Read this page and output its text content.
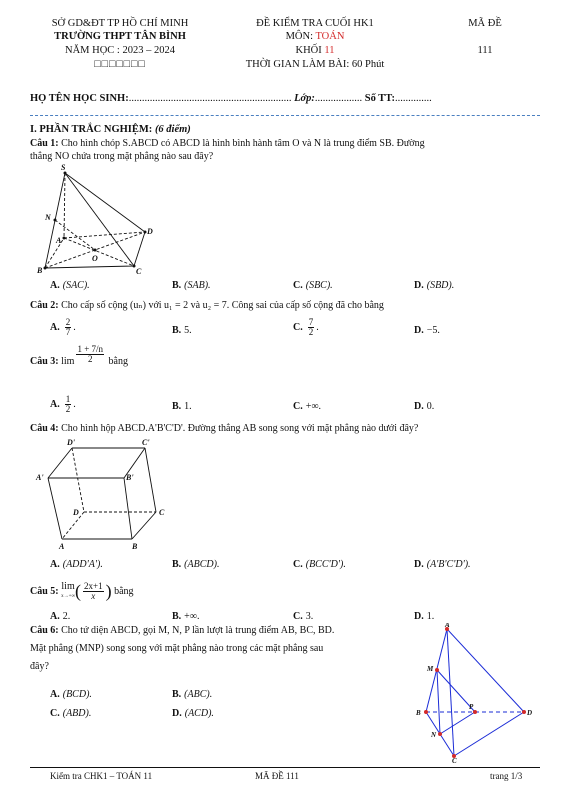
SỞ GD&ĐT TP HỒ CHÍ MINH
TRƯỜNG THPT TÂN BÌNH
NĂM HỌC : 2023 – 2024
□□□□□□□
ĐỀ KIỂM TRA CUỐI HK1
MÔN: TOÁN
KHỐI 11
THỜI GIAN LÀM BÀI: 60 Phút
MÃ ĐỀ
111
HỌ TÊN HỌC SINH:.............................................................. Lớp:.................. Số TT:..............
I. PHẦN TRẮC NGHIỆM: (6 điểm)
Câu 1: Cho hình chóp S.ABCD có ABCD là hình bình hành tâm O và N là trung điểm SB. Đường
thẳng NO chứa trong mặt phẳng nào sau đây?
S
N
A
D
O
B	C
A. (SAC).	B. (SAB).	C. (SBC).	D. (SBD).
Câu 2: Cho cấp số cộng (uₙ) với u₁ = 2 và u₂ = 7. Công sai của cấp số cộng đã cho bằng
A. $\frac{2}{7}$ .	B. 5.	C. $\frac{7}{2}$ .	D. −5.
Câu 3: $\lim \frac{1 + 7/n}{2}$ bằng
A. $\frac{1}{2}$ .	B. 1.	C. +∞.	D. 0.
Câu 4: Cho hình hộp ABCD.A'B'C'D'. Đường thẳng AB song song với mặt phẳng nào dưới đây?
D'	C'
A'	B'
D	C
A	B
A. (ADD'A').	B. (ABCD).	C. (BCC'D').	D. (A'B'C'D').
Câu 5: lim
$x\to+\infty( \frac{2x+1}{x}$ ) bằng
A. 2.	B. +∞.	C. 3.	D. 1.
Câu 6: Cho tứ diện ABCD, gọi M, N, P lần lượt là trung điểm AB, BC, BD.
Mặt phẳng (MNP) song song với mặt phẳng nào trong các mặt phẳng sau
đây?
A. (BCD).	B. (ABC).
C. (ABD).	D. (ACD).
A
M
B
P
D
N
C
Kiểm tra CHK1 – TOÁN 11	MÃ ĐỀ 111	trang 1/3
